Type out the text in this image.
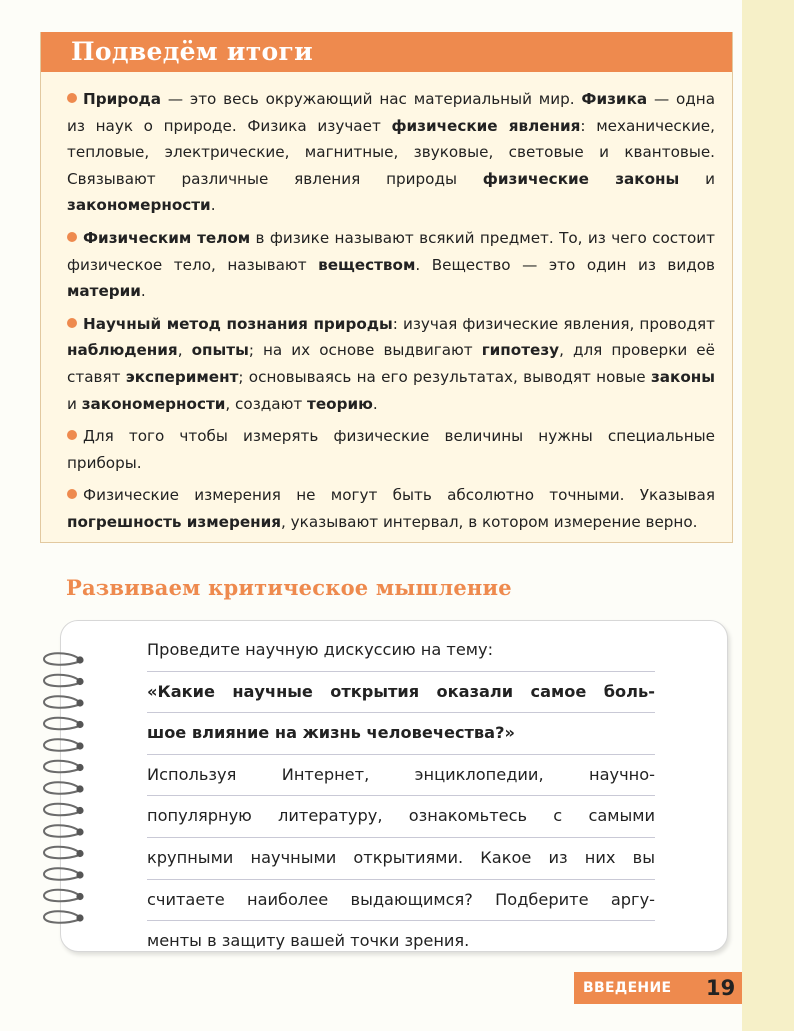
Подведём итоги

Природа — это весь окружающий нас материальный мир. Физика — одна из наук о природе. Физика изучает физические явления: механические, тепловые, электрические, магнитные, звуковые, световые и квантовые. Связывают различные явления природы физические законы и закономерности.

Физическим телом в физике называют всякий предмет. То, из чего состоит физическое тело, называют веществом. Вещество — это один из видов материи.

Научный метод познания природы: изучая физические явления, проводят наблюдения, опыты; на их основе выдвигают гипотезу, для проверки её ставят эксперимент; основываясь на его результатах, выводят новые законы и закономерности, создают теорию.

Для того чтобы измерять физические величины нужны специальные приборы.

Физические измерения не могут быть абсолютно точными. Указывая погрешность измерения, указывают интервал, в котором измерение верно.

Развиваем критическое мышление
Проведите научную дискуссию на тему:
«Какие научные открытия оказали самое боль-
шое влияние на жизнь человечества?»
Используя Интернет, энциклопедии, научно-
популярную литературу, ознакомьтесь с самыми
крупными научными открытиями. Какое из них вы
считаете наиболее выдающимся? Подберите аргу-
менты в защиту вашей точки зрения.
ВВЕДЕНИЕ 19
